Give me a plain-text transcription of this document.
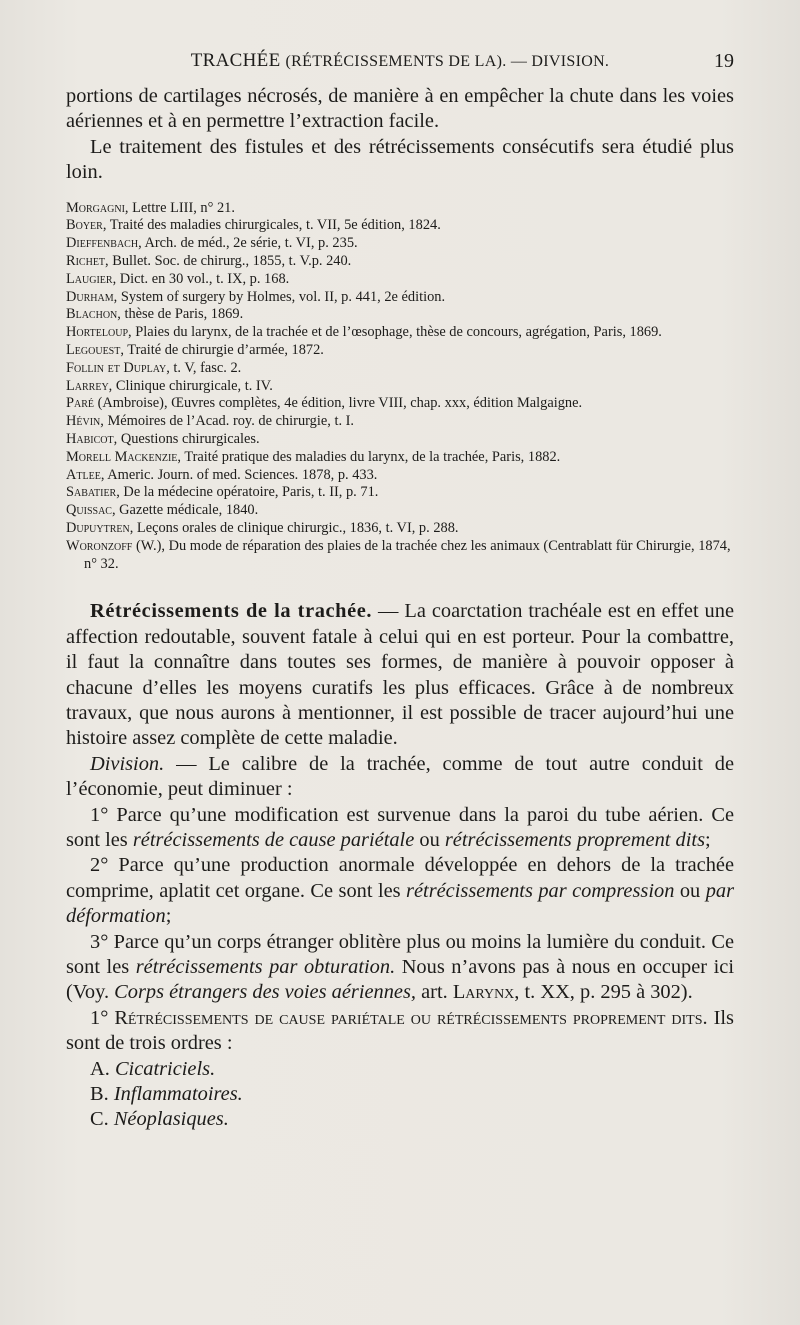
TRACHÉE (RÉTRÉCISSEMENTS DE LA). — DIVISION.	19

portions de cartilages nécrosés, de manière à en empêcher la chute dans les voies aériennes et à en permettre l’extraction facile.

Le traitement des fistules et des rétrécissements consécutifs sera étudié plus loin.

Morgagni, Lettre LIII, n° 21.

Boyer, Traité des maladies chirurgicales, t. VII, 5e édition, 1824.

Dieffenbach, Arch. de méd., 2e série, t. VI, p. 235.

Richet, Bullet. Soc. de chirurg., 1855, t. V.p. 240.

Laugier, Dict. en 30 vol., t. IX, p. 168.

Durham, System of surgery by Holmes, vol. II, p. 441, 2e édition.

Blachon, thèse de Paris, 1869.

Horteloup, Plaies du larynx, de la trachée et de l’œsophage, thèse de concours, agrégation, Paris, 1869.

Legouest, Traité de chirurgie d’armée, 1872.

Follin et Duplay, t. V, fasc. 2.

Larrey, Clinique chirurgicale, t. IV.

Paré (Ambroise), Œuvres complètes, 4e édition, livre VIII, chap. xxx, édition Malgaigne.

Hévin, Mémoires de l’Acad. roy. de chirurgie, t. I.

Habicot, Questions chirurgicales.

Morell Mackenzie, Traité pratique des maladies du larynx, de la trachée, Paris, 1882.

Atlee, Americ. Journ. of med. Sciences. 1878, p. 433.

Sabatier, De la médecine opératoire, Paris, t. II, p. 71.

Quissac, Gazette médicale, 1840.

Dupuytren, Leçons orales de clinique chirurgic., 1836, t. VI, p. 288.

Woronzoff (W.), Du mode de réparation des plaies de la trachée chez les animaux (Centrablatt für Chirurgie, 1874, n° 32.

Rétrécissements de la trachée. — La coarctation trachéale est en effet une affection redoutable, souvent fatale à celui qui en est porteur. Pour la combattre, il faut la connaître dans toutes ses formes, de manière à pouvoir opposer à chacune d’elles les moyens curatifs les plus efficaces. Grâce à de nombreux travaux, que nous aurons à mentionner, il est possible de tracer aujourd’hui une histoire assez complète de cette maladie.

Division. — Le calibre de la trachée, comme de tout autre conduit de l’économie, peut diminuer :

1° Parce qu’une modification est survenue dans la paroi du tube aérien. Ce sont les rétrécissements de cause pariétale ou rétrécissements proprement dits;

2° Parce qu’une production anormale développée en dehors de la trachée comprime, aplatit cet organe. Ce sont les rétrécissements par compression ou par déformation;

3° Parce qu’un corps étranger oblitère plus ou moins la lumière du conduit. Ce sont les rétrécissements par obturation. Nous n’avons pas à nous en occuper ici (Voy. Corps étrangers des voies aériennes, art. Larynx, t. XX, p. 295 à 302).

1° Rétrécissements de cause pariétale ou rétrécissements proprement dits. Ils sont de trois ordres :

A. Cicatriciels.

B. Inflammatoires.

C. Néoplasiques.
